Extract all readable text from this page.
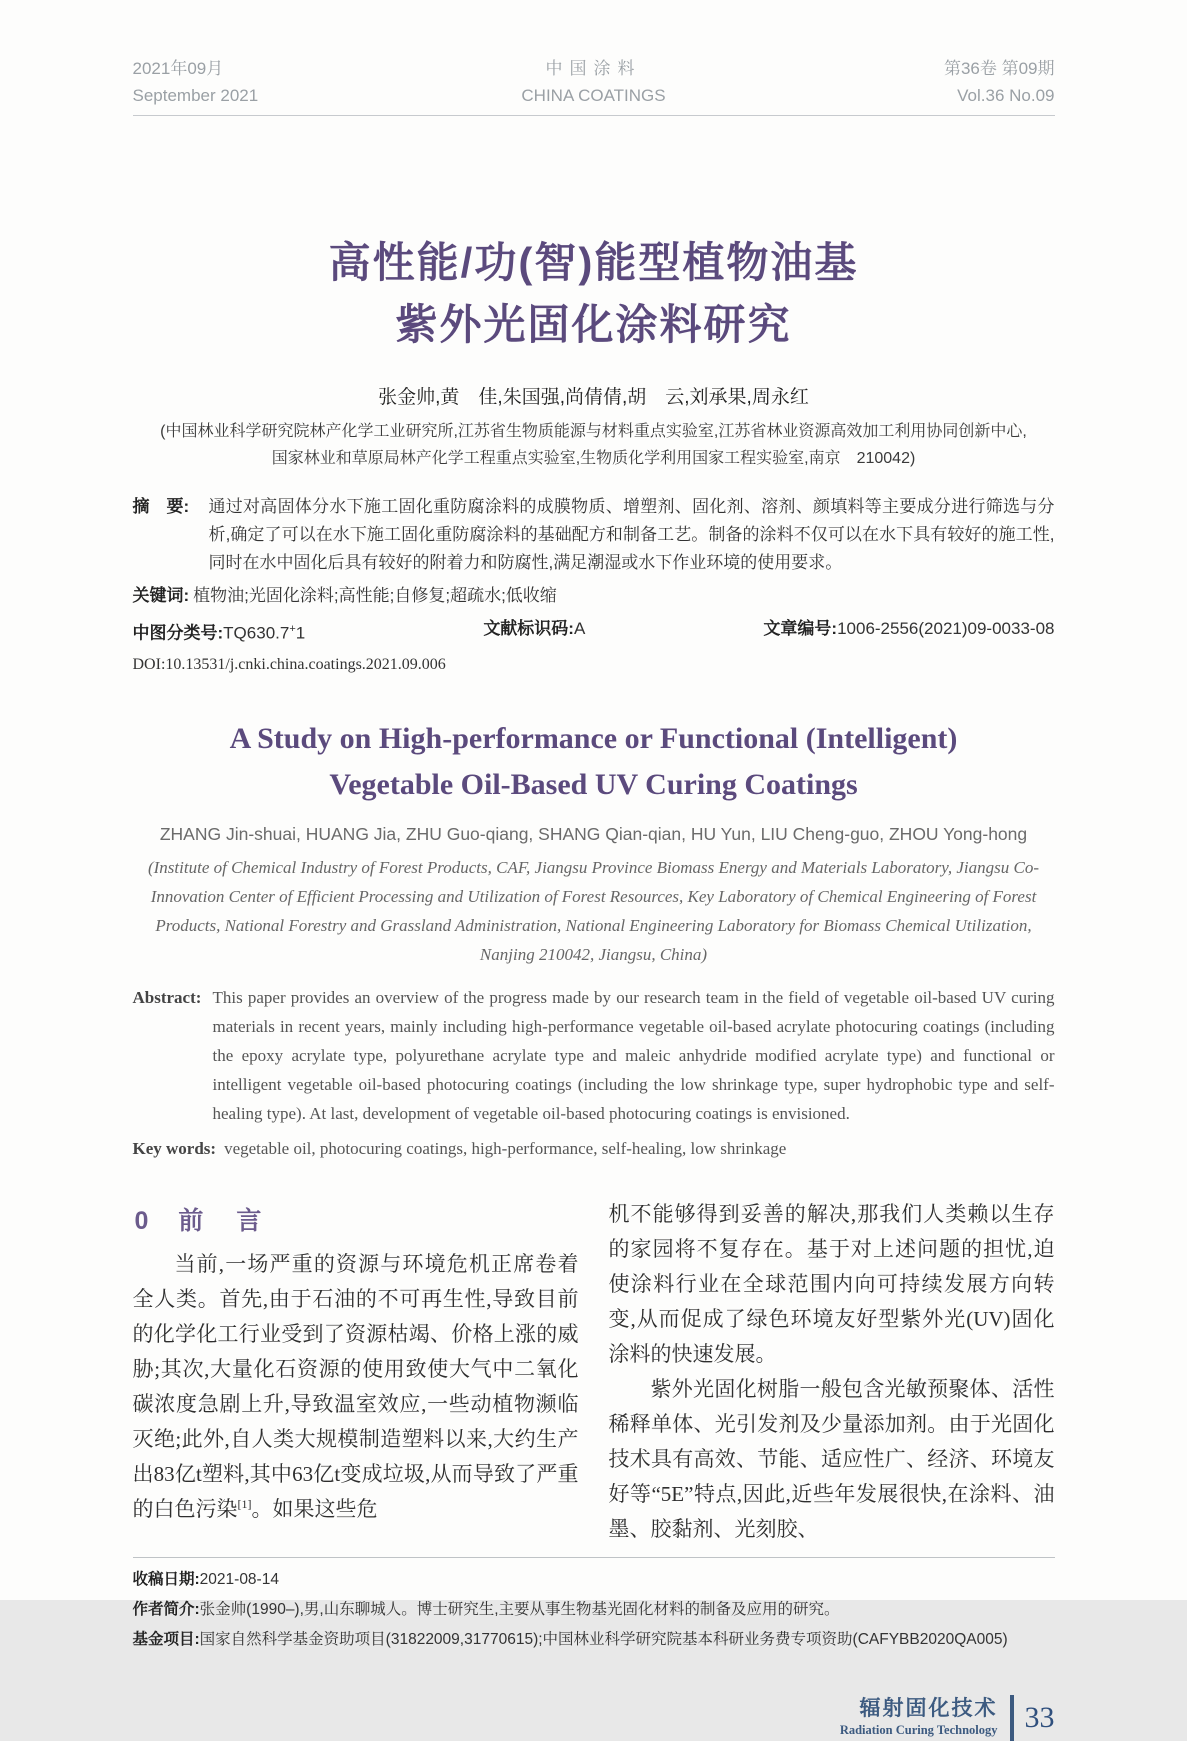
2021年09月
September 2021
中国涂料
CHINA COATINGS
第36卷 第09期
Vol.36 No.09
高性能/功(智)能型植物油基
紫外光固化涂料研究
张金帅,黄　佳,朱国强,尚倩倩,胡　云,刘承果,周永红
(中国林业科学研究院林产化学工业研究所,江苏省生物质能源与材料重点实验室,江苏省林业资源高效加工利用协同创新中心,
国家林业和草原局林产化学工程重点实验室,生物质化学利用国家工程实验室,南京　210042)
摘　要:	通过对高固体分水下施工固化重防腐涂料的成膜物质、增塑剂、固化剂、溶剂、颜填料等主要成分进行筛选与分析,确定了可以在水下施工固化重防腐涂料的基础配方和制备工艺。制备的涂料不仅可以在水下具有较好的施工性,同时在水中固化后具有较好的附着力和防腐性,满足潮湿或水下作业环境的使用要求。
关键词: 植物油;光固化涂料;高性能;自修复;超疏水;低收缩
中图分类号:TQ630.7+1	文献标识码:A	文章编号:1006-2556(2021)09-0033-08
DOI:10.13531/j.cnki.china.coatings.2021.09.006
A Study on High-performance or Functional (Intelligent)
Vegetable Oil-Based UV Curing Coatings
ZHANG Jin-shuai, HUANG Jia, ZHU Guo-qiang, SHANG Qian-qian, HU Yun, LIU Cheng-guo, ZHOU Yong-hong
(Institute of Chemical Industry of Forest Products, CAF, Jiangsu Province Biomass Energy and Materials Laboratory, Jiangsu Co-Innovation Center of Efficient Processing and Utilization of Forest Resources, Key Laboratory of Chemical Engineering of Forest Products, National Forestry and Grassland Administration, National Engineering Laboratory for Biomass Chemical Utilization, Nanjing 210042, Jiangsu, China)
Abstract: This paper provides an overview of the progress made by our research team in the field of vegetable oil-based UV curing materials in recent years, mainly including high-performance vegetable oil-based acrylate photocuring coatings (including the epoxy acrylate type, polyurethane acrylate type and maleic anhydride modified acrylate type) and functional or intelligent vegetable oil-based photocuring coatings (including the low shrinkage type, super hydrophobic type and self-healing type). At last, development of vegetable oil-based photocuring coatings is envisioned.
Key words: vegetable oil, photocuring coatings, high-performance, self-healing, low shrinkage
0 前　言

当前,一场严重的资源与环境危机正席卷着全人类。首先,由于石油的不可再生性,导致目前的化学化工行业受到了资源枯竭、价格上涨的威胁;其次,大量化石资源的使用致使大气中二氧化碳浓度急剧上升,导致温室效应,一些动植物濒临灭绝;此外,自人类大规模制造塑料以来,大约生产出83亿t塑料,其中63亿t变成垃圾,从而导致了严重的白色污染[1]。如果这些危

机不能够得到妥善的解决,那我们人类赖以生存的家园将不复存在。基于对上述问题的担忧,迫使涂料行业在全球范围内向可持续发展方向转变,从而促成了绿色环境友好型紫外光(UV)固化涂料的快速发展。

紫外光固化树脂一般包含光敏预聚体、活性稀释单体、光引发剂及少量添加剂。由于光固化技术具有高效、节能、适应性广、经济、环境友好等“5E”特点,因此,近些年发展很快,在涂料、油墨、胶黏剂、光刻胶、

收稿日期:2021-08-14
作者简介:张金帅(1990–),男,山东聊城人。博士研究生,主要从事生物基光固化材料的制备及应用的研究。
基金项目:国家自然科学基金资助项目(31822009,31770615);中国林业科学研究院基本科研业务费专项资助(CAFYBB2020QA005)
辐射固化技术
Radiation Curing Technology 33
